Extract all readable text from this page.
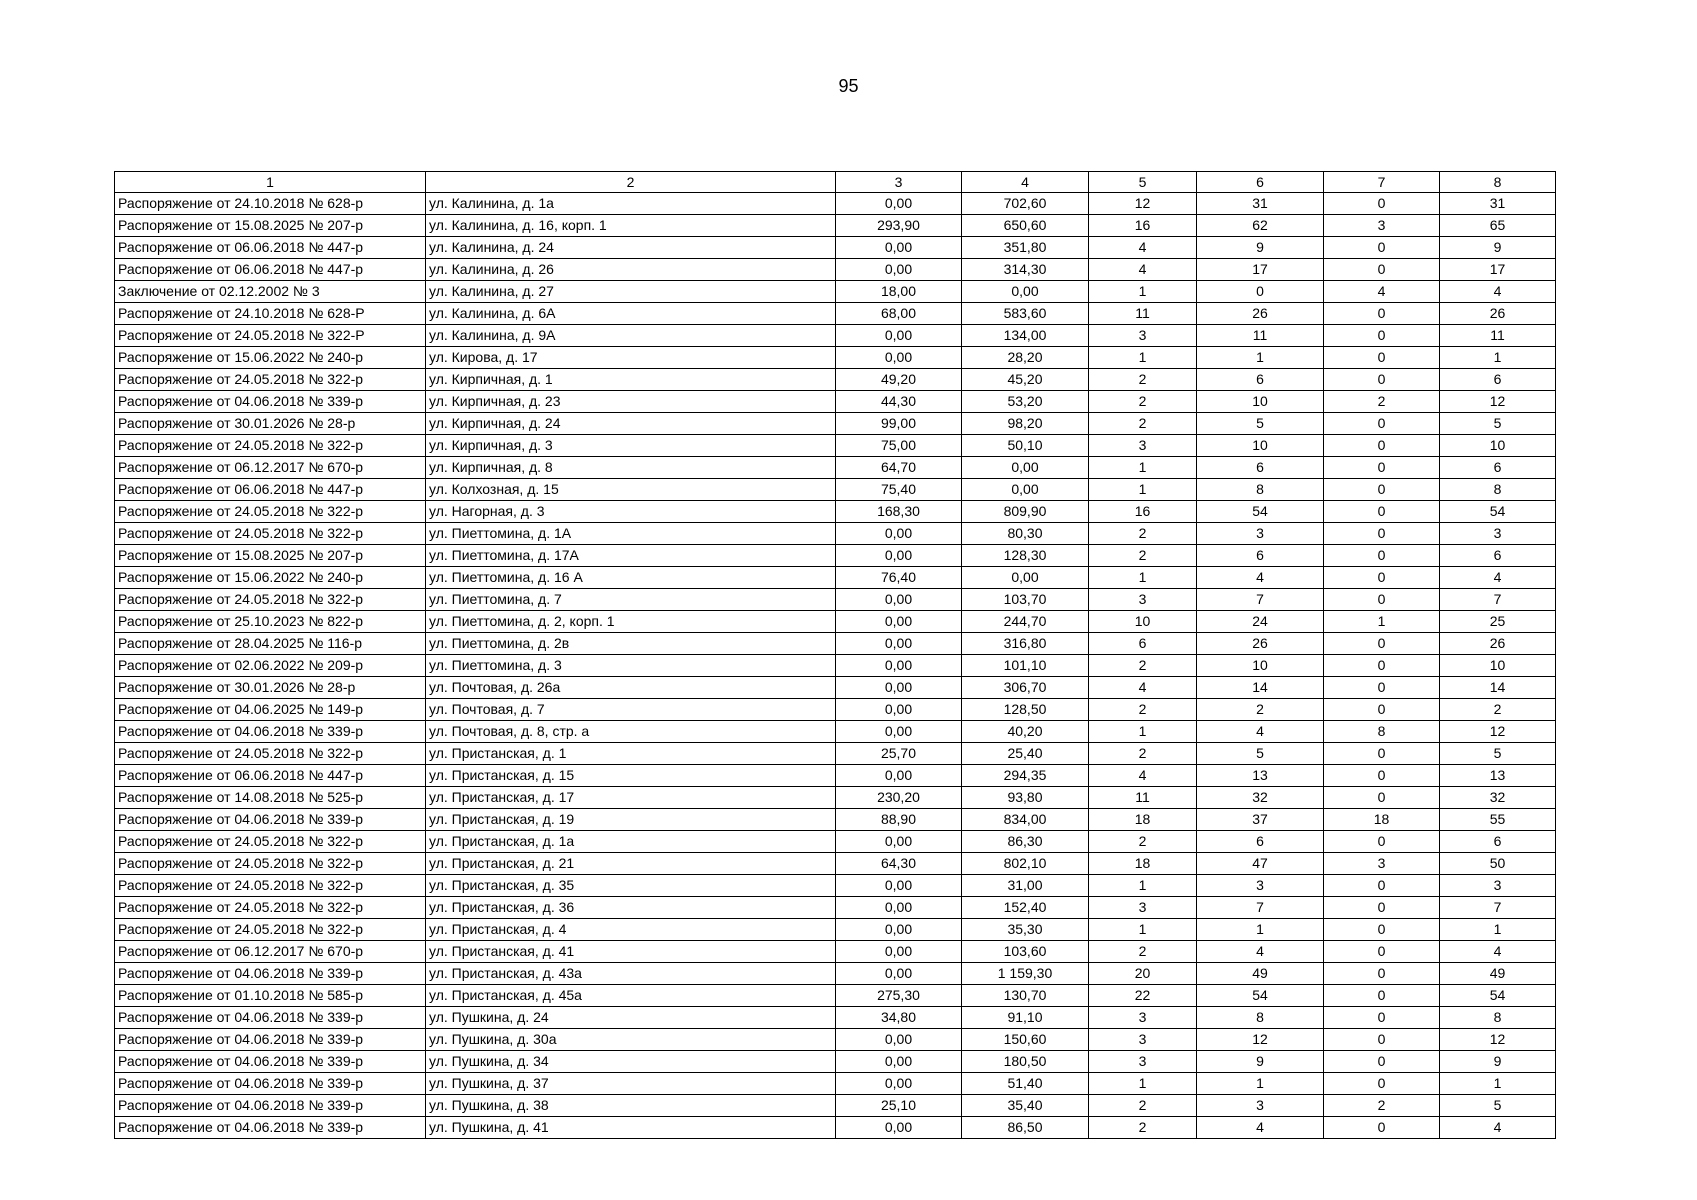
95
1	2	3	4	5	6	7	8
Распоряжение от 24.10.2018 № 628-р	ул. Калинина, д. 1а	0,00	702,60	12	31	0	31
Распоряжение от 15.08.2025 № 207-р	ул. Калинина, д. 16, корп. 1	293,90	650,60	16	62	3	65
Распоряжение от 06.06.2018 № 447-р	ул. Калинина, д. 24	0,00	351,80	4	9	0	9
Распоряжение от 06.06.2018 № 447-р	ул. Калинина, д. 26	0,00	314,30	4	17	0	17
Заключение от 02.12.2002 № 3	ул. Калинина, д. 27	18,00	0,00	1	0	4	4
Распоряжение от 24.10.2018 № 628-Р	ул. Калинина, д. 6А	68,00	583,60	11	26	0	26
Распоряжение от 24.05.2018 № 322-Р	ул. Калинина, д. 9А	0,00	134,00	3	11	0	11
Распоряжение от 15.06.2022 № 240-р	ул. Кирова, д. 17	0,00	28,20	1	1	0	1
Распоряжение от 24.05.2018 № 322-р	ул. Кирпичная, д. 1	49,20	45,20	2	6	0	6
Распоряжение от 04.06.2018 № 339-р	ул. Кирпичная, д. 23	44,30	53,20	2	10	2	12
Распоряжение от 30.01.2026 № 28-р	ул. Кирпичная, д. 24	99,00	98,20	2	5	0	5
Распоряжение от 24.05.2018 № 322-р	ул. Кирпичная, д. 3	75,00	50,10	3	10	0	10
Распоряжение от 06.12.2017 № 670-р	ул. Кирпичная, д. 8	64,70	0,00	1	6	0	6
Распоряжение от 06.06.2018 № 447-р	ул. Колхозная, д. 15	75,40	0,00	1	8	0	8
Распоряжение от 24.05.2018 № 322-р	ул. Нагорная, д. 3	168,30	809,90	16	54	0	54
Распоряжение от 24.05.2018 № 322-р	ул. Пиеттомина, д. 1А	0,00	80,30	2	3	0	3
Распоряжение от 15.08.2025 № 207-р	ул. Пиеттомина, д. 17А	0,00	128,30	2	6	0	6
Распоряжение от 15.06.2022 № 240-р	ул. Пиеттомина, д. 16 А	76,40	0,00	1	4	0	4
Распоряжение от 24.05.2018 № 322-р	ул. Пиеттомина, д. 7	0,00	103,70	3	7	0	7
Распоряжение от 25.10.2023 № 822-р	ул. Пиеттомина, д. 2, корп. 1	0,00	244,70	10	24	1	25
Распоряжение от 28.04.2025 № 116-р	ул. Пиеттомина, д. 2в	0,00	316,80	6	26	0	26
Распоряжение от 02.06.2022 № 209-р	ул. Пиеттомина, д. 3	0,00	101,10	2	10	0	10
Распоряжение от 30.01.2026 № 28-р	ул. Почтовая, д. 26а	0,00	306,70	4	14	0	14
Распоряжение от 04.06.2025 № 149-р	ул. Почтовая, д. 7	0,00	128,50	2	2	0	2
Распоряжение от 04.06.2018 № 339-р	ул. Почтовая, д. 8, стр. а	0,00	40,20	1	4	8	12
Распоряжение от 24.05.2018 № 322-р	ул. Пристанская, д. 1	25,70	25,40	2	5	0	5
Распоряжение от 06.06.2018 № 447-р	ул. Пристанская, д. 15	0,00	294,35	4	13	0	13
Распоряжение от 14.08.2018 № 525-р	ул. Пристанская, д. 17	230,20	93,80	11	32	0	32
Распоряжение от 04.06.2018 № 339-р	ул. Пристанская, д. 19	88,90	834,00	18	37	18	55
Распоряжение от 24.05.2018 № 322-р	ул. Пристанская, д. 1а	0,00	86,30	2	6	0	6
Распоряжение от 24.05.2018 № 322-р	ул. Пристанская, д. 21	64,30	802,10	18	47	3	50
Распоряжение от 24.05.2018 № 322-р	ул. Пристанская, д. 35	0,00	31,00	1	3	0	3
Распоряжение от 24.05.2018 № 322-р	ул. Пристанская, д. 36	0,00	152,40	3	7	0	7
Распоряжение от 24.05.2018 № 322-р	ул. Пристанская, д. 4	0,00	35,30	1	1	0	1
Распоряжение от 06.12.2017 № 670-р	ул. Пристанская, д. 41	0,00	103,60	2	4	0	4
Распоряжение от 04.06.2018 № 339-р	ул. Пристанская, д. 43а	0,00	1 159,30	20	49	0	49
Распоряжение от 01.10.2018 № 585-р	ул. Пристанская, д. 45а	275,30	130,70	22	54	0	54
Распоряжение от 04.06.2018 № 339-р	ул. Пушкина, д. 24	34,80	91,10	3	8	0	8
Распоряжение от 04.06.2018 № 339-р	ул. Пушкина, д. 30а	0,00	150,60	3	12	0	12
Распоряжение от 04.06.2018 № 339-р	ул. Пушкина, д. 34	0,00	180,50	3	9	0	9
Распоряжение от 04.06.2018 № 339-р	ул. Пушкина, д. 37	0,00	51,40	1	1	0	1
Распоряжение от 04.06.2018 № 339-р	ул. Пушкина, д. 38	25,10	35,40	2	3	2	5
Распоряжение от 04.06.2018 № 339-р	ул. Пушкина, д. 41	0,00	86,50	2	4	0	4
